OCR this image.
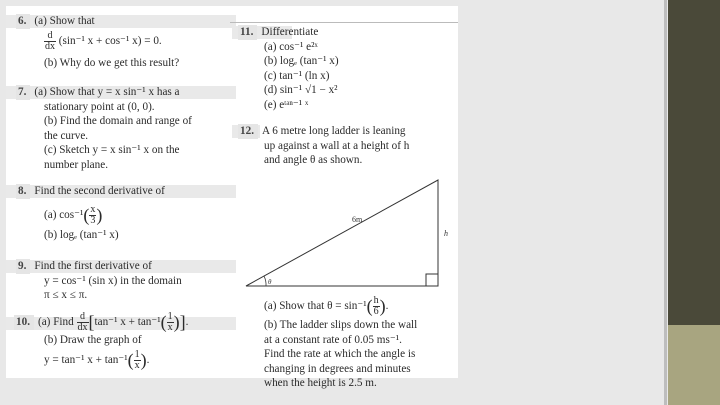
6. (a) Show that
$\frac{d}{dx} (\sin^{-1}$ x + cos⁻¹ x) = 0.
(b) Why do we get this result?
7. (a) Show that y = x sin⁻¹ x has a
stationary point at (0, 0).
(b) Find the domain and range of
the curve.
(c) Sketch y = x sin⁻¹ x on the
number plane.
8. Find the second derivative of
(a) $\cos^{-1}( \frac{x}{3}$ )
(b) logₑ (tan⁻¹ x)
9. Find the first derivative of
y = cos⁻¹ (sin x) in the domain
π ≤ x ≤ π.
10. (a) Find $\frac{d}{dx} [\tan^{-1}$ $x + \tan^{-1}( \frac{1}{x}$ )].
(b) Draw the graph of
y = tan⁻¹ $x + \tan^{-1}( \frac{1}{x}$ ).
11. Differentiate
(a) cos⁻¹ e²ˣ
(b) logₑ (tan⁻¹ x)
(c) tan⁻¹ (ln x)
(d) sin⁻¹ √1 − x²
(e) eᵗᵃⁿ⁻¹ ˣ
12. A 6 metre long ladder is leaning
up against a wall at a height of h
and angle θ as shown.
6m
h
θ
(a) Show that $\theta = \sin^{-1}( \frac{h}{6}$ ).
(b) The ladder slips down the wall
at a constant rate of 0.05 ms⁻¹.
Find the rate at which the angle is
changing in degrees and minutes
when the height is 2.5 m.
